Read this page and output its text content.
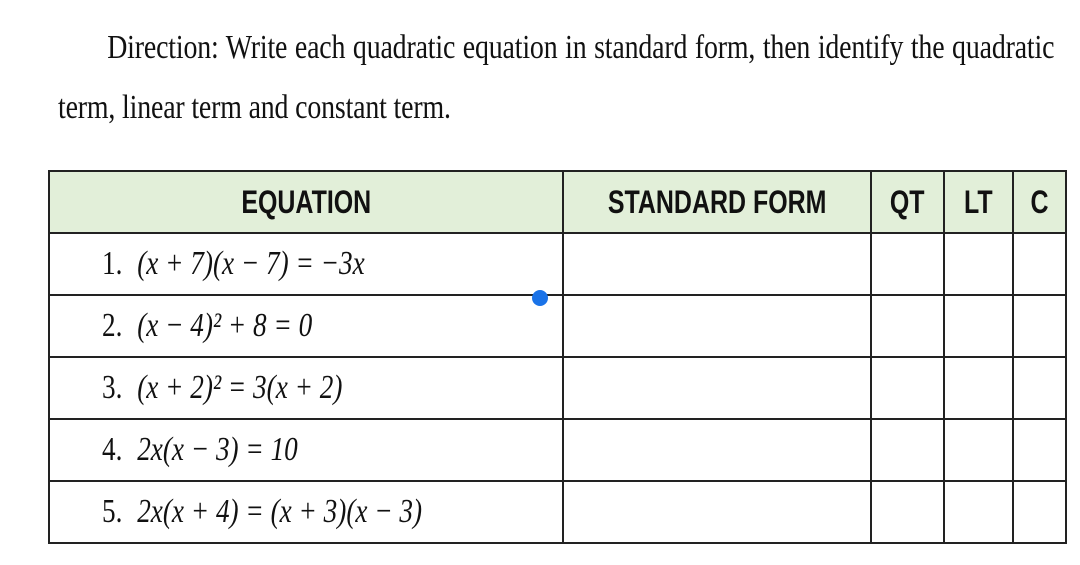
Direction: Write each quadratic equation in standard form, then identify the quadratic term, linear term and constant term.
EQUATION	STANDARD FORM	QT	LT	C
1. (x + 7)(x − 7) = −3x				
2. (x − 4)² + 8 = 0				
3. (x + 2)² = 3(x + 2)				
4. 2x(x − 3) = 10				
5. 2x(x + 4) = (x + 3)(x − 3)				
